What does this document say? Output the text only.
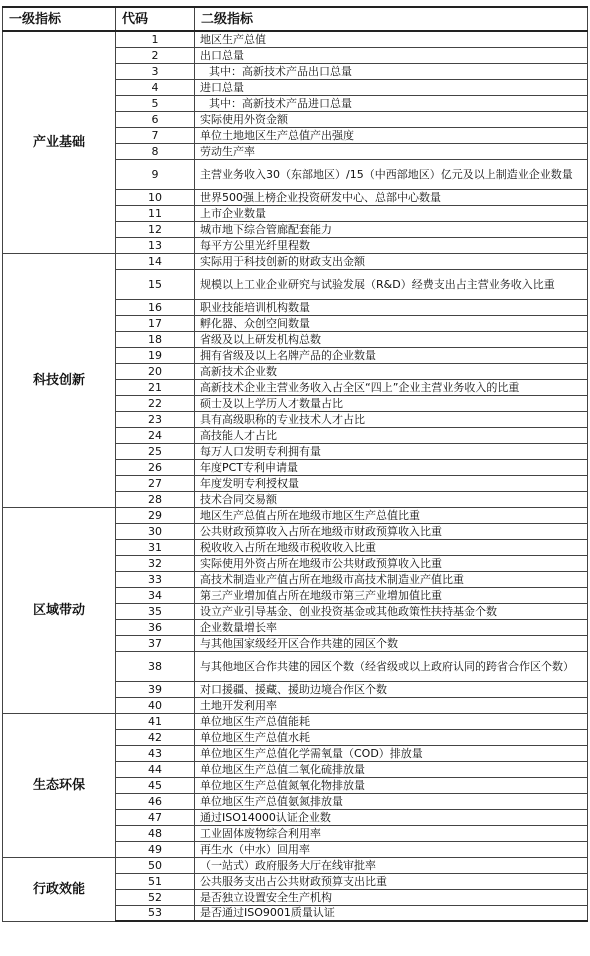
一级指标	代码	二级指标
产业基础	1	地区生产总值
	2	出口总量
	3	其中：高新技术产品出口总量
	4	进口总量
	5	其中：高新技术产品进口总量
	6	实际使用外资金额
	7	单位土地地区生产总值产出强度
	8	劳动生产率
	9	主营业务收入30（东部地区）/15（中西部地区）亿元及以上制造业企业数量
	10	世界500强上榜企业投资研发中心、总部中心数量
	11	上市企业数量
	12	城市地下综合管廊配套能力
	13	每平方公里光纤里程数
科技创新	14	实际用于科技创新的财政支出金额
	15	规模以上工业企业研究与试验发展（R&D）经费支出占主营业务收入比重
	16	职业技能培训机构数量
	17	孵化器、众创空间数量
	18	省级及以上研发机构总数
	19	拥有省级及以上名牌产品的企业数量
	20	高新技术企业数
	21	高新技术企业主营业务收入占全区“四上”企业主营业务收入的比重
	22	硕士及以上学历人才数量占比
	23	具有高级职称的专业技术人才占比
	24	高技能人才占比
	25	每万人口发明专利拥有量
	26	年度PCT专利申请量
	27	年度发明专利授权量
	28	技术合同交易额
区域带动	29	地区生产总值占所在地级市地区生产总值比重
	30	公共财政预算收入占所在地级市财政预算收入比重
	31	税收收入占所在地级市税收收入比重
	32	实际使用外资占所在地级市公共财政预算收入比重
	33	高技术制造业产值占所在地级市高技术制造业产值比重
	34	第三产业增加值占所在地级市第三产业增加值比重
	35	设立产业引导基金、创业投资基金或其他政策性扶持基金个数
	36	企业数量增长率
	37	与其他国家级经开区合作共建的园区个数
	38	与其他地区合作共建的园区个数（经省级或以上政府认同的跨省合作区个数）
	39	对口援疆、援藏、援助边境合作区个数
	40	土地开发利用率
生态环保	41	单位地区生产总值能耗
	42	单位地区生产总值水耗
	43	单位地区生产总值化学需氧量（COD）排放量
	44	单位地区生产总值二氧化硫排放量
	45	单位地区生产总值氮氧化物排放量
	46	单位地区生产总值氨氮排放量
	47	通过ISO14000认证企业数
	48	工业固体废物综合利用率
	49	再生水（中水）回用率
行政效能	50	（一站式）政府服务大厅在线审批率
	51	公共服务支出占公共财政预算支出比重
	52	是否独立设置安全生产机构
	53	是否通过ISO9001质量认证
